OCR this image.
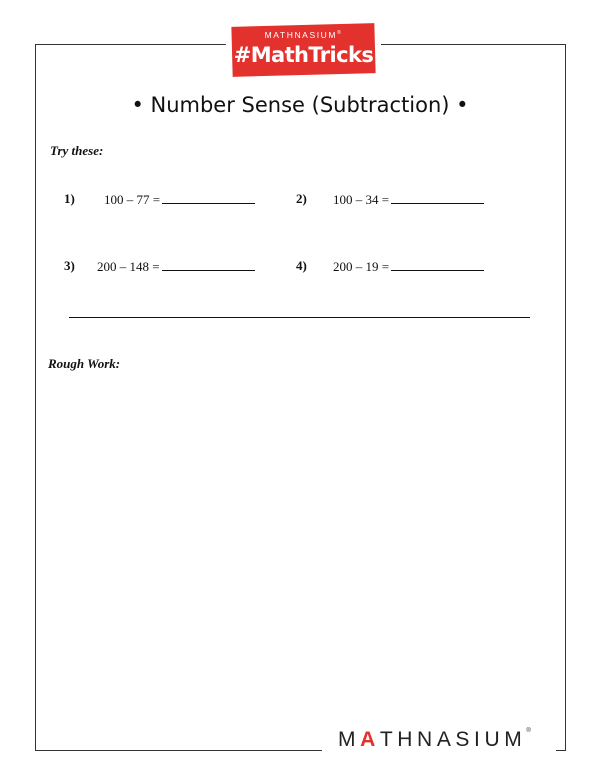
MATHNASIUM®
#MathTricks
• Number Sense (Subtraction) •
Try these:
1) 100 – 77 =	2) 100 – 34 =
3) 200 – 148 =	4) 200 – 19 =
Rough Work:
MATHNASIUM®
